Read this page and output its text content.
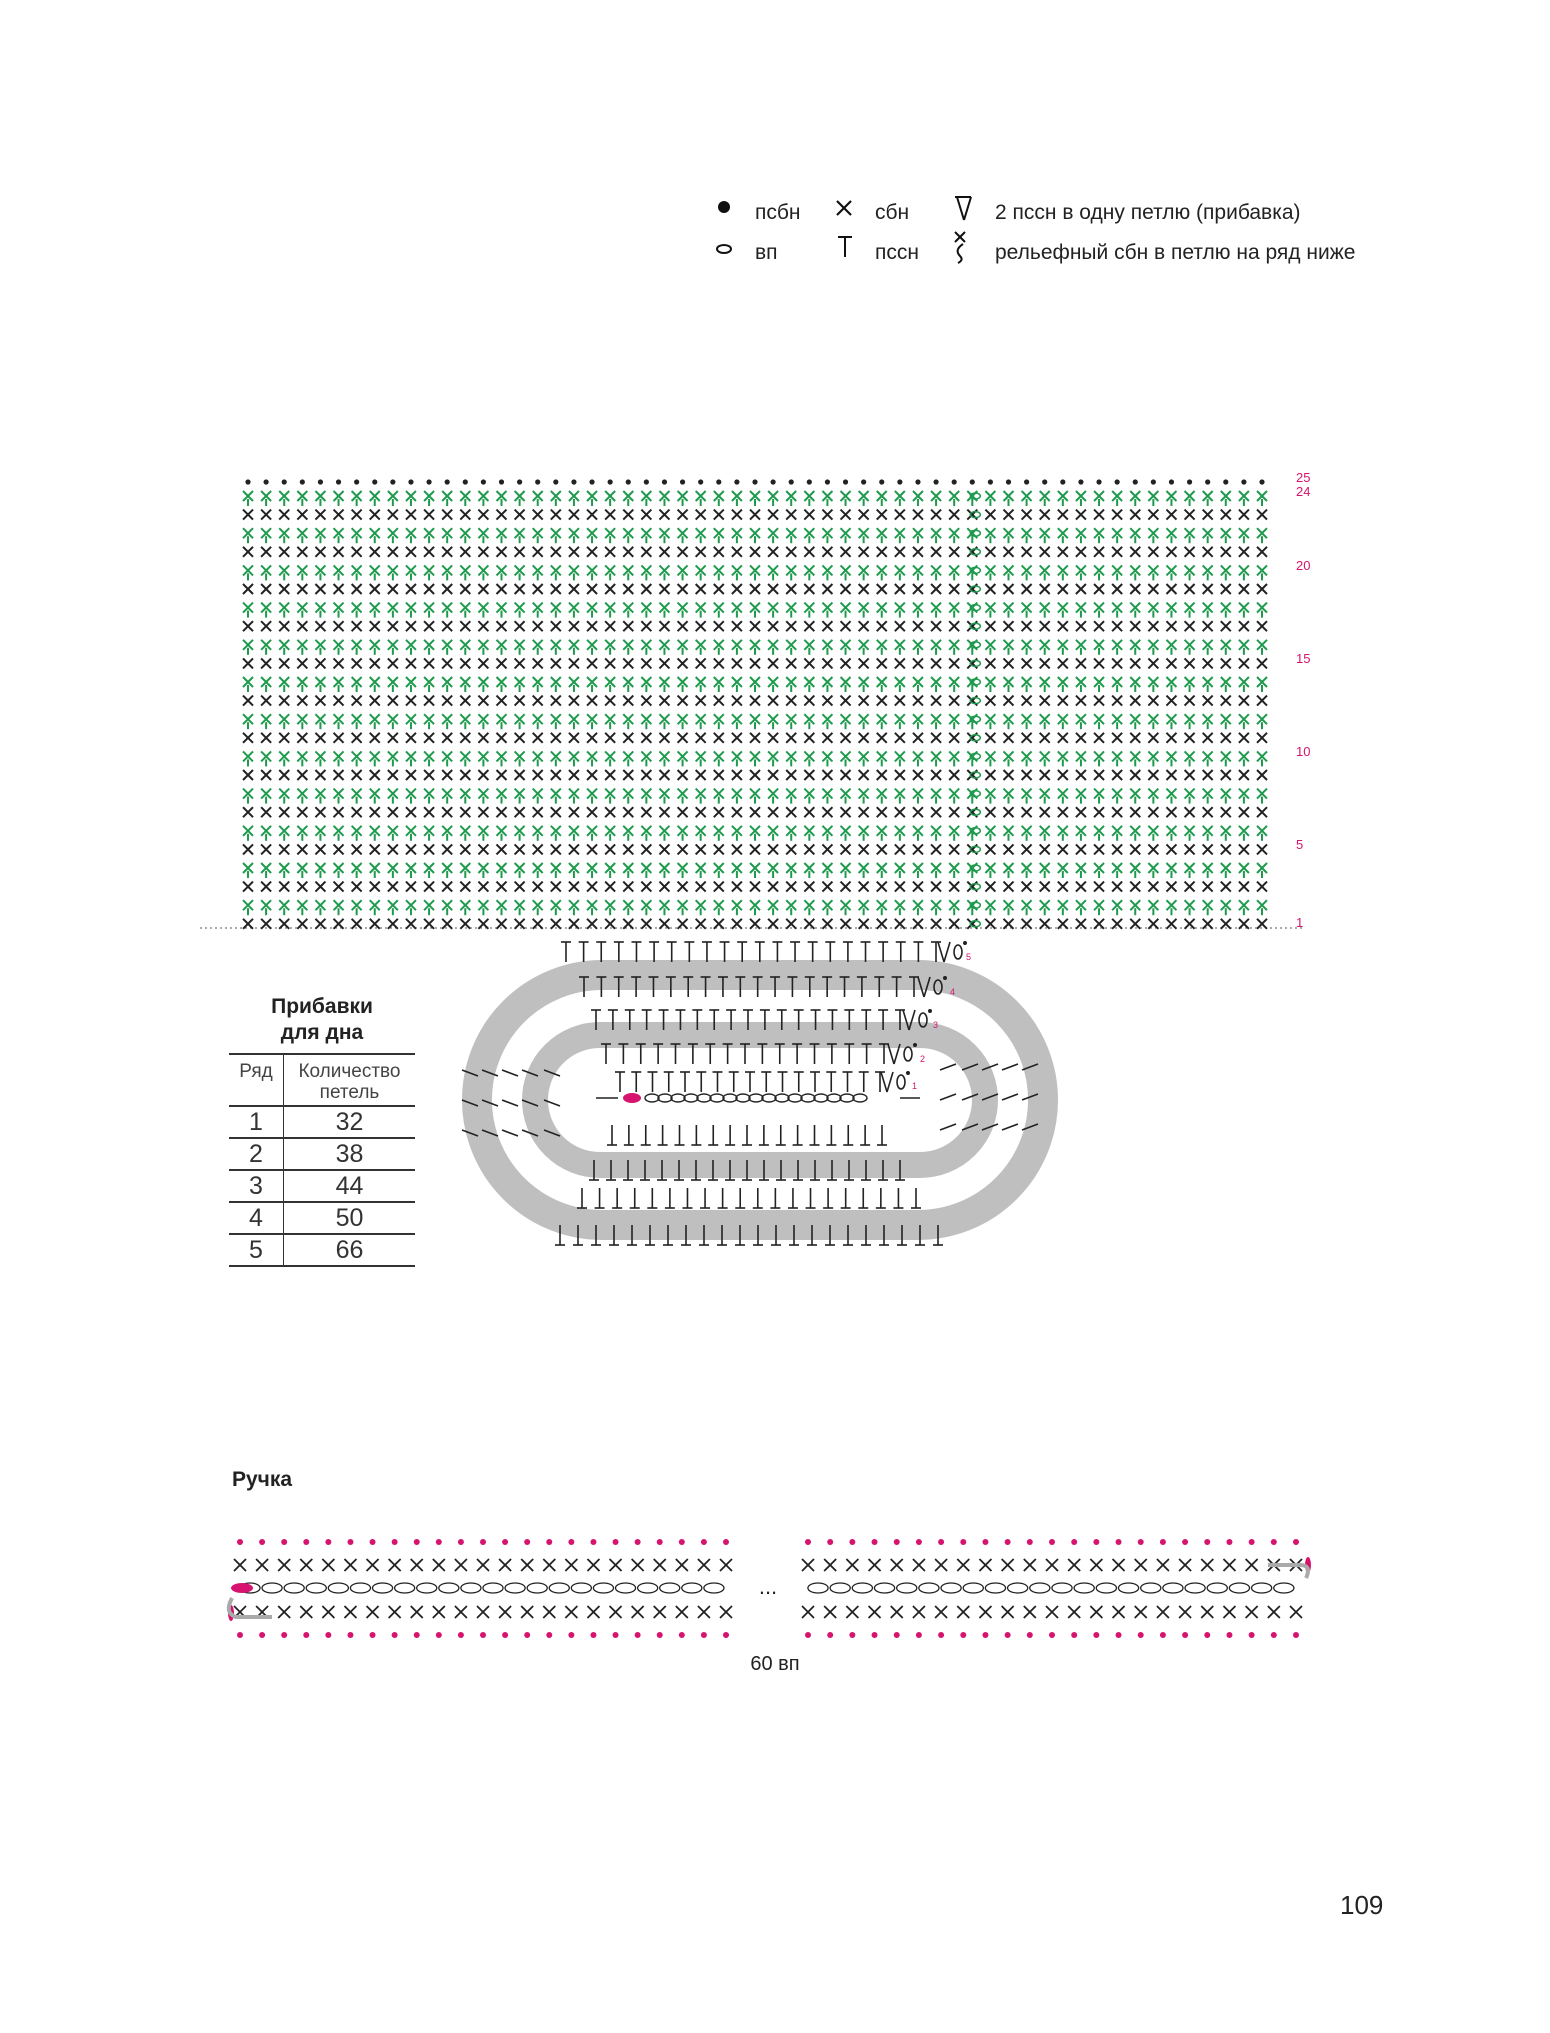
псбн
вп
сбн
пссн
2 пссн в одну петлю (прибавка)
рельефный сбн в петлю на ряд ниже
25
24
20
15
10
5
1
1
2
3
4
5
Прибавки
для дна
Ряд	Количество
петель

1	32
2	38
3	44
4	50
5	66
Ручка
...
60 вп
109
